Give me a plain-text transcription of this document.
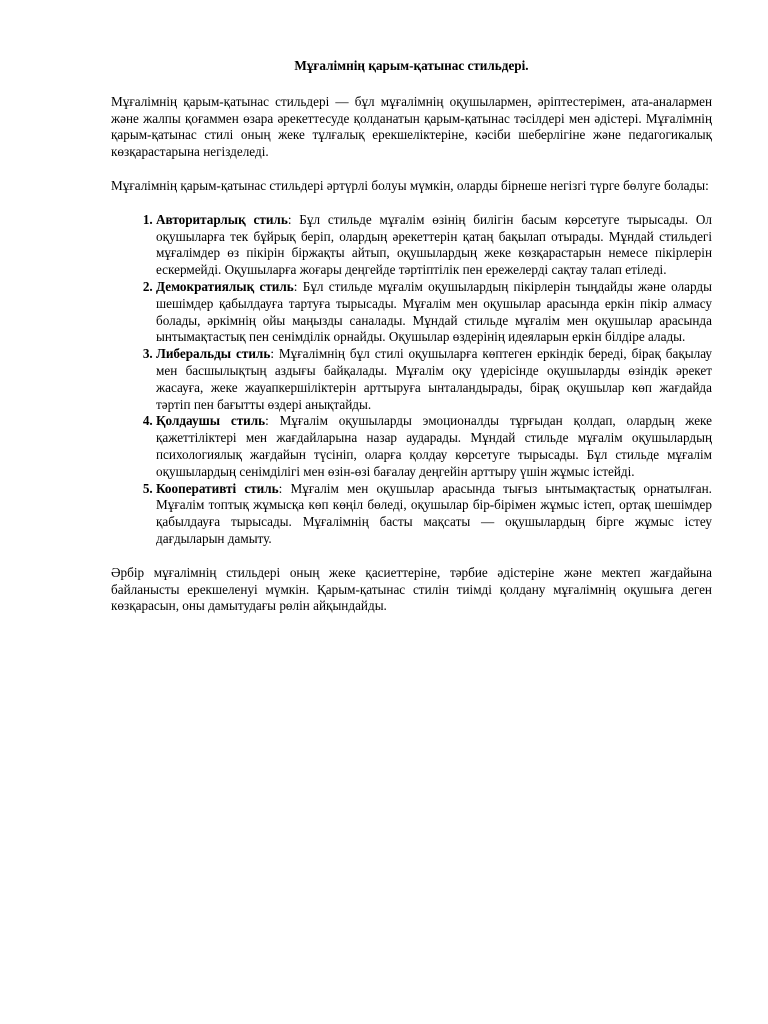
Мұғалімнің қарым-қатынас стильдері.
Мұғалімнің қарым-қатынас стильдері — бұл мұғалімнің оқушылармен, әріптестерімен, ата-аналармен және жалпы қоғаммен өзара әрекеттесуде қолданатын қарым-қатынас тәсілдері мен әдістері. Мұғалімнің қарым-қатынас стилі оның жеке тұлғалық ерекшеліктеріне, кәсіби шеберлігіне және педагогикалық көзқарастарына негізделеді.
Мұғалімнің қарым-қатынас стильдері әртүрлі болуы мүмкін, оларды бірнеше негізгі түрге бөлуге болады:
1. Авторитарлық стиль: Бұл стильде мұғалім өзінің билігін басым көрсетуге тырысады. Ол оқушыларға тек бұйрық беріп, олардың әрекеттерін қатаң бақылап отырады. Мұндай стильдегі мұғалімдер өз пікірін біржақты айтып, оқушылардың жеке көзқарастарын немесе пікірлерін ескермейді. Оқушыларға жоғары деңгейде тәртіптілік пен ережелерді сақтау талап етіледі.
2. Демократиялық стиль: Бұл стильде мұғалім оқушылардың пікірлерін тыңдайды және оларды шешімдер қабылдауға тартуға тырысады. Мұғалім мен оқушылар арасында еркін пікір алмасу болады, әркімнің ойы маңызды саналады. Мұндай стильде мұғалім мен оқушылар арасында ынтымақтастық пен сенімділік орнайды. Оқушылар өздерінің идеяларын еркін білдіре алады.
3. Либеральды стиль: Мұғалімнің бұл стилі оқушыларға көптеген еркіндік береді, бірақ бақылау мен басшылықтың аздығы байқалады. Мұғалім оқу үдерісінде оқушыларды өзіндік әрекет жасауға, жеке жауапкершіліктерін арттыруға ынталандырады, бірақ оқушылар көп жағдайда тәртіп пен бағытты өздері анықтайды.
4. Қолдаушы стиль: Мұғалім оқушыларды эмоционалды тұрғыдан қолдап, олардың жеке қажеттіліктері мен жағдайларына назар аударады. Мұндай стильде мұғалім оқушылардың психологиялық жағдайын түсініп, оларға қолдау көрсетуге тырысады. Бұл стильде мұғалім оқушылардың сенімділігі мен өзін-өзі бағалау деңгейін арттыру үшін жұмыс істейді.
5. Кооперативті стиль: Мұғалім мен оқушылар арасында тығыз ынтымақтастық орнатылған. Мұғалім топтық жұмысқа көп көңіл бөледі, оқушылар бір-бірімен жұмыс істеп, ортақ шешімдер қабылдауға тырысады. Мұғалімнің басты мақсаты — оқушылардың бірге жұмыс істеу дағдыларын дамыту.
Әрбір мұғалімнің стильдері оның жеке қасиеттеріне, тәрбие әдістеріне және мектеп жағдайына байланысты ерекшеленуі мүмкін. Қарым-қатынас стилін тиімді қолдану мұғалімнің оқушыға деген көзқарасын, оны дамытудағы рөлін айқындайды.
